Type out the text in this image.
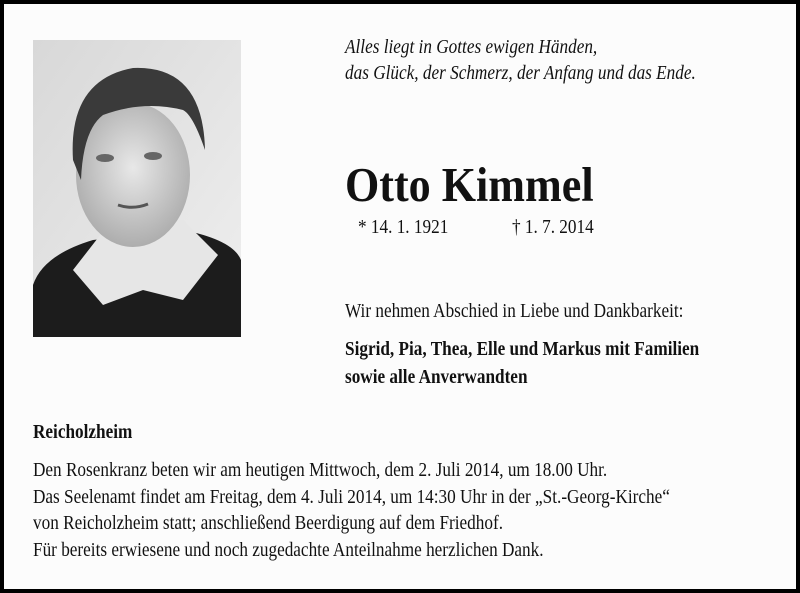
Alles liegt in Gottes ewigen Händen,
das Glück, der Schmerz, der Anfang und das Ende.
Otto Kimmel
* 14. 1. 1921	† 1. 7. 2014
Wir nehmen Abschied in Liebe und Dankbarkeit:
Sigrid, Pia, Thea, Elle und Markus mit Familien
sowie alle Anverwandten
Reicholzheim
Den Rosenkranz beten wir am heutigen Mittwoch, dem 2. Juli 2014, um 18.00 Uhr.
Das Seelenamt findet am Freitag, dem 4. Juli 2014, um 14:30 Uhr in der „St.-Georg-Kirche“
von Reicholzheim statt; anschließend Beerdigung auf dem Friedhof.
Für bereits erwiesene und noch zugedachte Anteilnahme herzlichen Dank.
